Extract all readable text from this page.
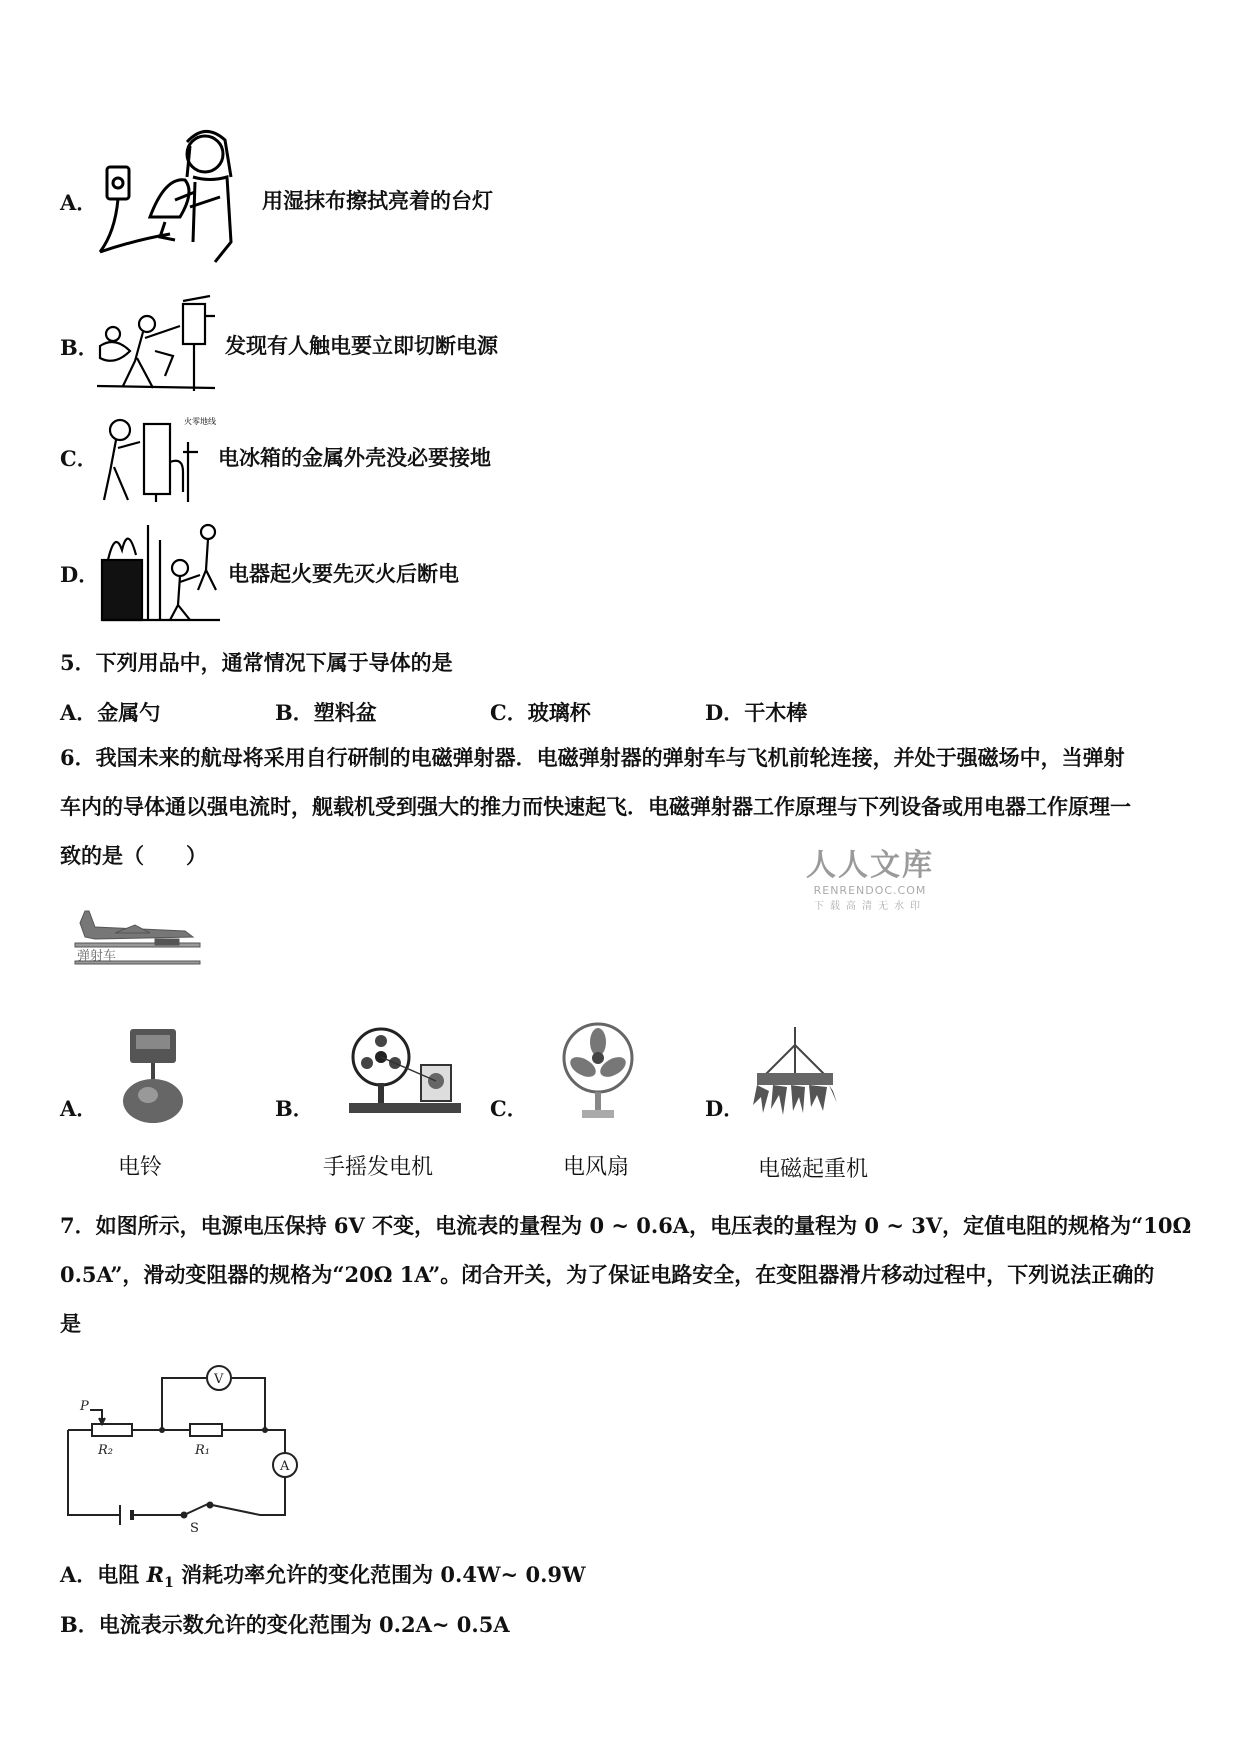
A．	用湿抹布擦拭亮着的台灯
B．	发现有人触电要立即切断电源
C．
火零地线
电冰箱的金属外壳没必要接地
D．	电器起火要先灭火后断电
5．下列用品中，通常情况下属于导体的是
A．金属勺	B．塑料盆	C．玻璃杯	D．干木棒
6．我国未来的航母将采用自行研制的电磁弹射器．电磁弹射器的弹射车与飞机前轮连接，并处于强磁场中，当弹射
车内的导体通以强电流时，舰载机受到强大的推力而快速起飞．电磁弹射器工作原理与下列设备或用电器工作原理一
致的是（　　）	人人文库
RENRENDOC.COM
下载高清无水印
弹射车
A．
电铃
B．
手摇发电机
C．
电风扇
D．
电磁起重机
7．如图所示，电源电压保持 6V 不变，电流表的量程为 0 ~ 0.6A，电压表的量程为 0 ~ 3V，定值电阻的规格为“10Ω
0.5A”，滑动变阻器的规格为“20Ω 1A”。闭合开关，为了保证电路安全，在变阻器滑片移动过程中，下列说法正确的
是
V
A
R₂	R₁
P
S
A．电阻 $R_1$ 消耗功率允许的变化范围为 0.4W~ 0.9W
B．电流表示数允许的变化范围为 0.2A~ 0.5A
